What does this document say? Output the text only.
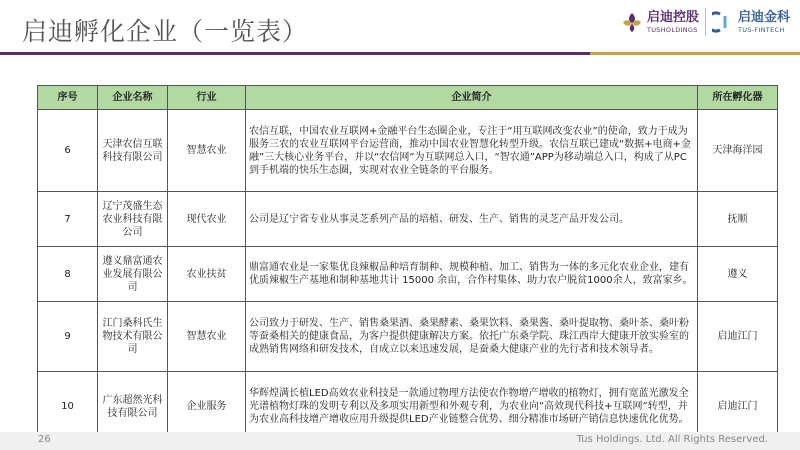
启迪孵化企业（一览表）	启迪控股
TUSHOLDINGS
启迪金科
TUS-FINTECH
序号	企业名称	行业	企业简介	所在孵化器
6	天津农信互联科技有限公司	智慧农业	农信互联，中国农业互联网+金融平台生态圈企业，专注于“用互联网改变农业”的使命，致力于成为服务三农的农业互联网平台运营商，推动中国农业智慧化转型升级。农信互联已建成“数据+电商+金融”三大核心业务平台，并以“农信网”为互联网总入口，“智农通”APP为移动端总入口，构成了从PC到手机端的快乐生态圈，实现对农业全链条的平台服务。	天津海洋园
7	辽宁茂盛生态农业科技有限公司	现代农业	公司是辽宁省专业从事灵芝系列产品的培植、研发、生产、销售的灵芝产品开发公司。	抚顺
8	遵义鼎富通农业发展有限公司	农业扶贫	鼎富通农业是一家集优良辣椒品种培育制种、规模种植、加工、销售为一体的多元化农业企业，建有优质辣椒生产基地和制种基地共计 15000 余亩，合作村集体、助力农户脱贫1000余人，致富家乡。	遵义
9	江门桑科氏生物技术有限公司	智慧农业	公司致力于研发、生产、销售桑果酒、桑果酵素、桑果饮料、桑果酱、桑叶提取物、桑叶茶、桑叶粉等蚕桑相关的健康食品，为客户提供健康解决方案。依托广东桑学院、珠江西岸大健康开放实验室的成熟销售网络和研发技术，自成立以来迅速发展，是蚕桑大健康产业的先行者和技术领导者。	启迪江门
10	广东超然光科技有限公司	企业服务	华辉煌满长植LED高效农业科技是一款通过物理方法使农作物增产增收的植物灯，拥有宽蓝光激发全光谱植物灯珠的发明专利以及多项实用新型和外观专利，为农业向“高效现代科技+互联网”转型，并为农业高科技增产增收应用升级提供LED产业链整合优势、细分精准市场研产销信息快速优化优势。	启迪江门
26	Tus Holdings. Ltd. All Rights Reserved.
